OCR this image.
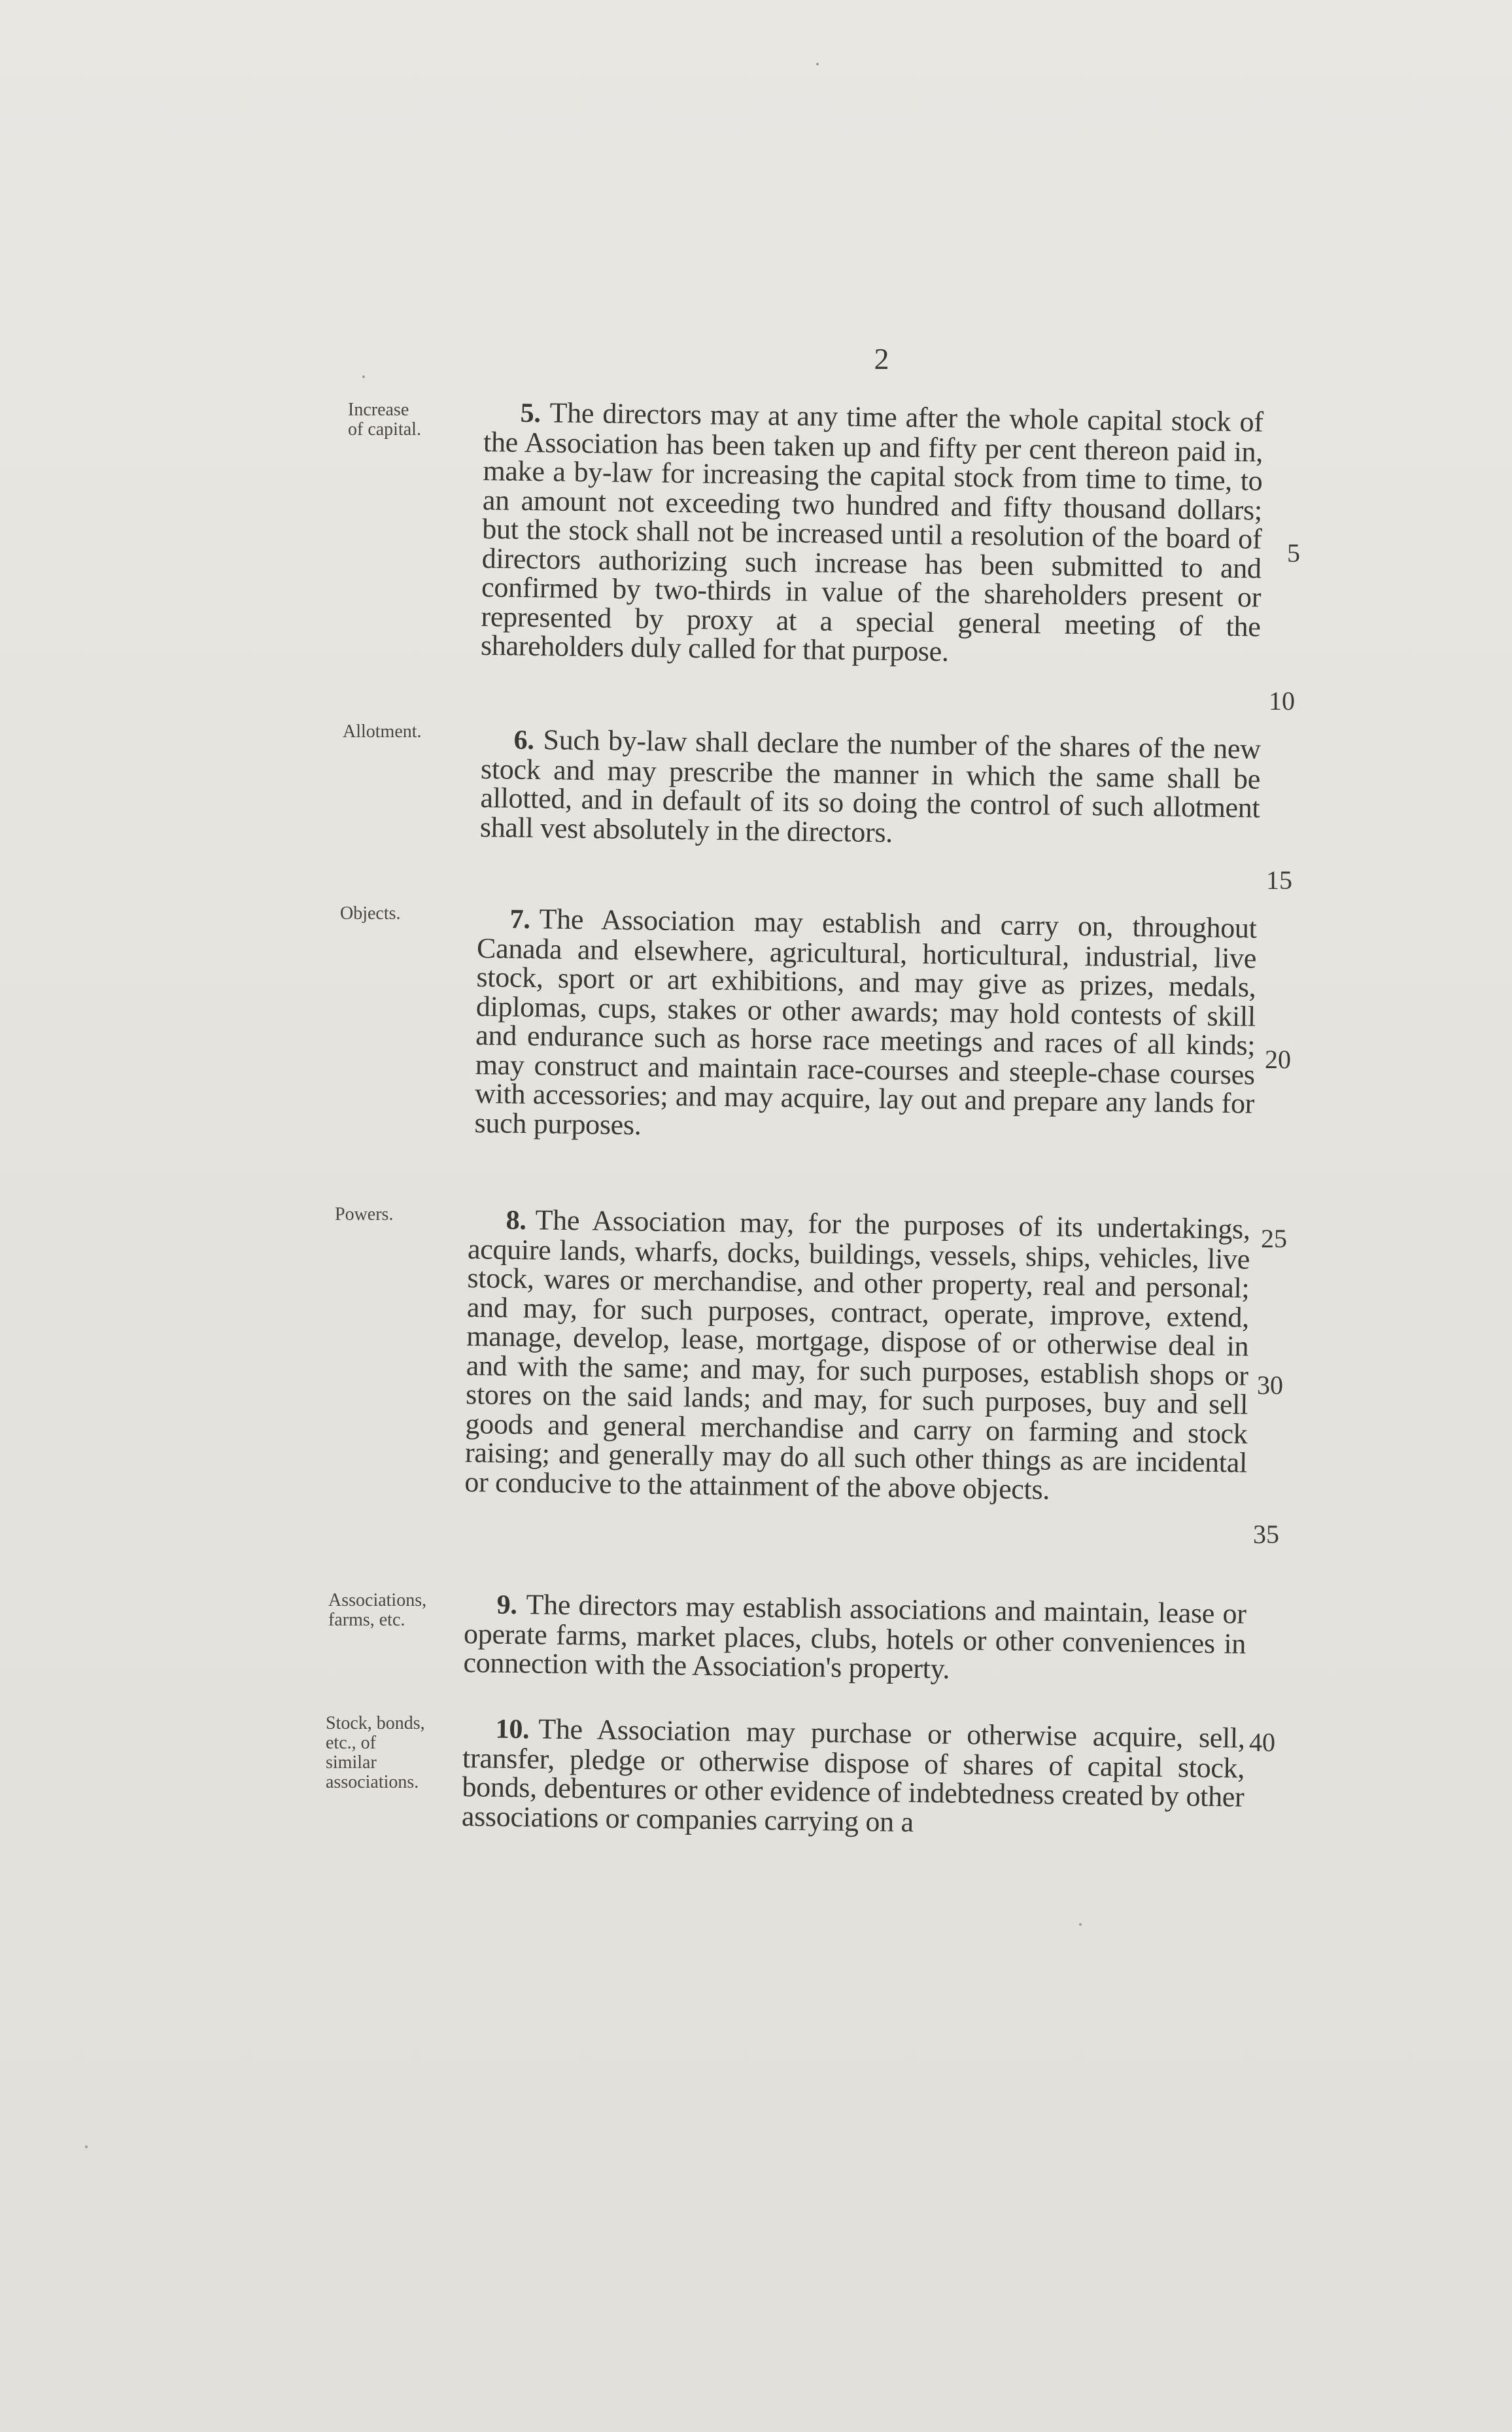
2
Increase
of capital.
5. The directors may at any time after the whole capital stock of the Association has been taken up and fifty per cent thereon paid in, make a by-law for increasing the capital stock from time to time, to an amount not exceeding two hundred and fifty thousand dollars; but the stock shall not be increased until a resolution of the board of directors authorizing such increase has been submitted to and confirmed by two-thirds in value of the shareholders present or represented by proxy at a special general meeting of the shareholders duly called for that purpose.
Allotment.	6. Such by-law shall declare the number of the shares of the new stock and may prescribe the manner in which the same shall be allotted, and in default of its so doing the control of such allotment shall vest absolutely in the directors.
Objects.	7. The Association may establish and carry on, throughout Canada and elsewhere, agricultural, horticultural, industrial, live stock, sport or art exhibitions, and may give as prizes, medals, diplomas, cups, stakes or other awards; may hold contests of skill and endurance such as horse race meetings and races of all kinds; may construct and maintain race-courses and steeple-chase courses with accessories; and may acquire, lay out and prepare any lands for such purposes.
Powers.	8. The Association may, for the purposes of its undertakings, acquire lands, wharfs, docks, buildings, vessels, ships, vehicles, live stock, wares or merchandise, and other property, real and personal; and may, for such purposes, contract, operate, improve, extend, manage, develop, lease, mortgage, dispose of or otherwise deal in and with the same; and may, for such purposes, establish shops or stores on the said lands; and may, for such purposes, buy and sell goods and general merchandise and carry on farming and stock raising; and generally may do all such other things as are incidental or conducive to the attainment of the above objects.
Associations,
farms, etc.	9. The directors may establish associations and maintain, lease or operate farms, market places, clubs, hotels or other conveniences in connection with the Association's property.
Stock, bonds,
etc., of
similar
associations.
10. The Association may purchase or otherwise acquire, sell, transfer, pledge or otherwise dispose of shares of capital stock, bonds, debentures or other evidence of indebtedness created by other associations or companies carrying on a
5
10
15
20
25
30
35
40
